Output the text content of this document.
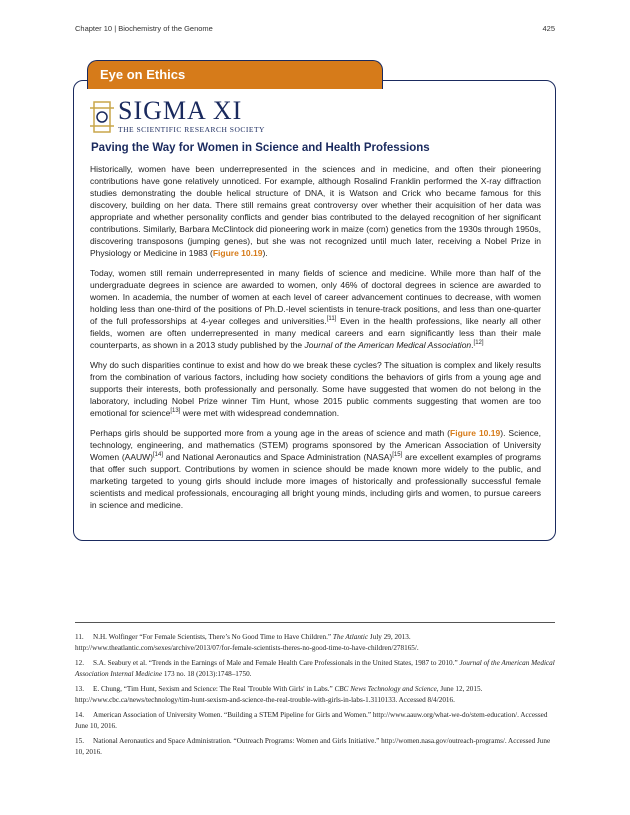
Chapter 10 | Biochemistry of the Genome	425
Eye on Ethics
SIGMA XI
THE SCIENTIFIC RESEARCH SOCIETY
Paving the Way for Women in Science and Health Professions

Historically, women have been underrepresented in the sciences and in medicine, and often their pioneering contributions have gone relatively unnoticed. For example, although Rosalind Franklin performed the X-ray diffraction studies demonstrating the double helical structure of DNA, it is Watson and Crick who became famous for this discovery, building on her data. There still remains great controversy over whether their acquisition of her data was appropriate and whether personality conflicts and gender bias contributed to the delayed recognition of her significant contributions. Similarly, Barbara McClintock did pioneering work in maize (corn) genetics from the 1930s through 1950s, discovering transposons (jumping genes), but she was not recognized until much later, receiving a Nobel Prize in Physiology or Medicine in 1983 (Figure 10.19).

Today, women still remain underrepresented in many fields of science and medicine. While more than half of the undergraduate degrees in science are awarded to women, only 46% of doctoral degrees in science are awarded to women. In academia, the number of women at each level of career advancement continues to decrease, with women holding less than one-third of the positions of Ph.D.-level scientists in tenure-track positions, and less than one-quarter of the full professorships at 4-year colleges and universities.[11] Even in the health professions, like nearly all other fields, women are often underrepresented in many medical careers and earn significantly less than their male counterparts, as shown in a 2013 study published by the Journal of the American Medical Association.[12]

Why do such disparities continue to exist and how do we break these cycles? The situation is complex and likely results from the combination of various factors, including how society conditions the behaviors of girls from a young age and supports their interests, both professionally and personally. Some have suggested that women do not belong in the laboratory, including Nobel Prize winner Tim Hunt, whose 2015 public comments suggesting that women are too emotional for science[13] were met with widespread condemnation.

Perhaps girls should be supported more from a young age in the areas of science and math (Figure 10.19). Science, technology, engineering, and mathematics (STEM) programs sponsored by the American Association of University Women (AAUW)[14] and National Aeronautics and Space Administration (NASA)[15] are excellent examples of programs that offer such support. Contributions by women in science should be made known more widely to the public, and marketing targeted to young girls should include more images of historically and professionally successful female scientists and medical professionals, encouraging all bright young minds, including girls and women, to pursue careers in science and medicine.

11. N.H. Wolfinger “For Female Scientists, There’s No Good Time to Have Children.” The Atlantic July 29, 2013. http://www.theatlantic.com/sexes/archive/2013/07/for-female-scientists-theres-no-good-time-to-have-children/278165/.

12. S.A. Seabury et al. “Trends in the Earnings of Male and Female Health Care Professionals in the United States, 1987 to 2010.” Journal of the American Medical Association Internal Medicine 173 no. 18 (2013):1748–1750.

13. E. Chung, “Tim Hunt, Sexism and Science: The Real 'Trouble With Girls' in Labs.” CBC News Technology and Science, June 12, 2015. http://www.cbc.ca/news/technology/tim-hunt-sexism-and-science-the-real-trouble-with-girls-in-labs-1.3110133. Accessed 8/4/2016.

14. American Association of University Women. “Building a STEM Pipeline for Girls and Women.” http://www.aauw.org/what-we-do/stem-education/. Accessed June 10, 2016.

15. National Aeronautics and Space Administration. “Outreach Programs: Women and Girls Initiative.” http://women.nasa.gov/outreach-programs/. Accessed June 10, 2016.
